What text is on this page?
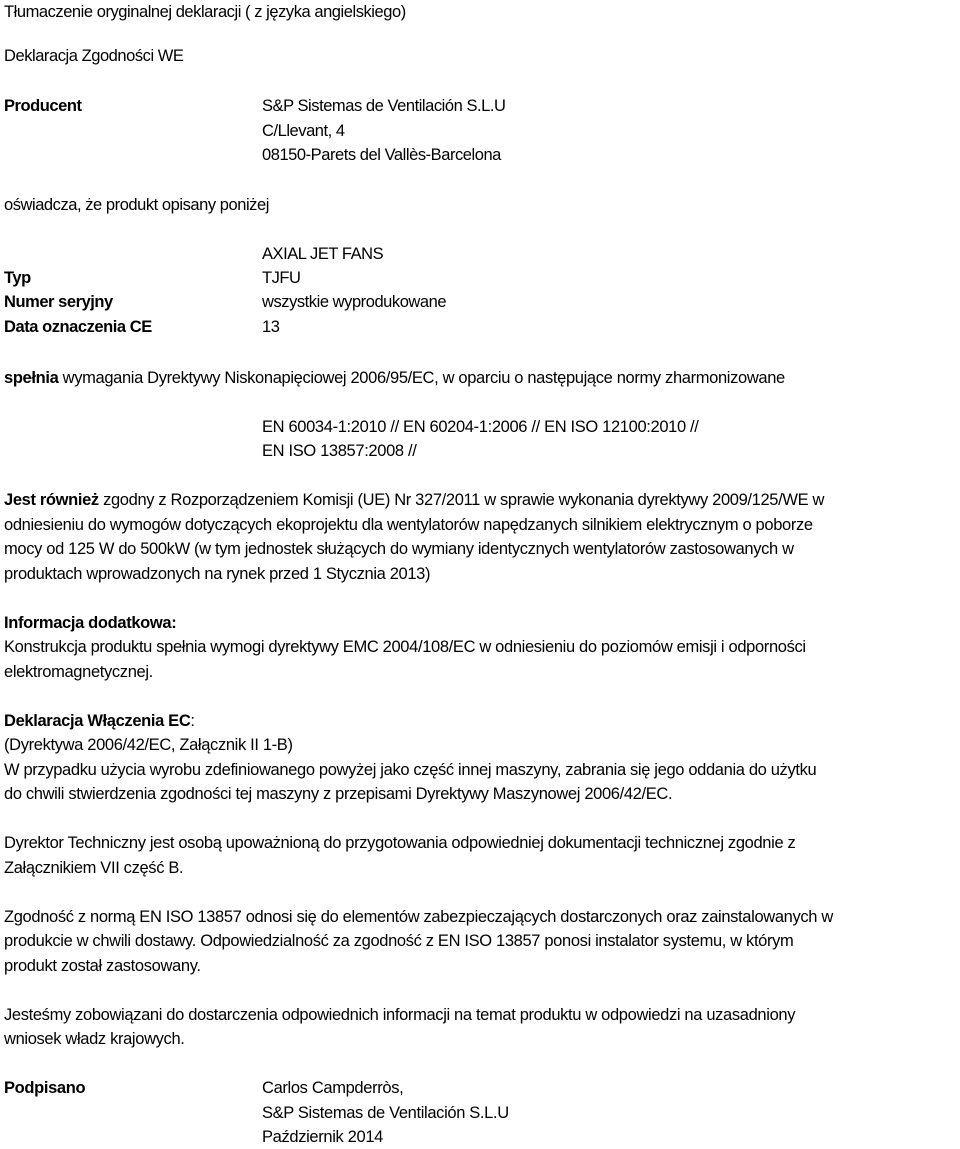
Tłumaczenie oryginalnej deklaracji ( z języka angielskiego)
Deklaracja Zgodności WE
Producent	S&P Sistemas de Ventilación S.L.U
C/Llevant, 4
08150-Parets del Vallès-Barcelona
oświadcza, że produkt opisany poniżej
AXIAL JET FANS
Typ	TJFU
Numer seryjny	wszystkie wyprodukowane
Data oznaczenia CE	13
spełnia wymagania Dyrektywy Niskonapięciowej 2006/95/EC, w oparciu o następujące normy zharmonizowane
EN 60034-1:2010 // EN 60204-1:2006 // EN ISO 12100:2010 //
EN ISO 13857:2008 //
Jest również zgodny z Rozporządzeniem Komisji (UE) Nr 327/2011 w sprawie wykonania dyrektywy 2009/125/WE w
odniesieniu do wymogów dotyczących ekoprojektu dla wentylatorów napędzanych silnikiem elektrycznym o poborze
mocy od 125 W do 500kW (w tym jednostek służących do wymiany identycznych wentylatorów zastosowanych w
produktach wprowadzonych na rynek przed 1 Stycznia 2013)
Informacja dodatkowa:
Konstrukcja produktu spełnia wymogi dyrektywy EMC 2004/108/EC w odniesieniu do poziomów emisji i odporności
elektromagnetycznej.
Deklaracja Włączenia EC:
(Dyrektywa 2006/42/EC, Załącznik II 1-B)
W przypadku użycia wyrobu zdefiniowanego powyżej jako część innej maszyny, zabrania się jego oddania do użytku
do chwili stwierdzenia zgodności tej maszyny z przepisami Dyrektywy Maszynowej 2006/42/EC.
Dyrektor Techniczny jest osobą upoważnioną do przygotowania odpowiedniej dokumentacji technicznej zgodnie z
Załącznikiem VII część B.
Zgodność z normą EN ISO 13857 odnosi się do elementów zabezpieczających dostarczonych oraz zainstalowanych w
produkcie w chwili dostawy. Odpowiedzialność za zgodność z EN ISO 13857 ponosi instalator systemu, w którym
produkt został zastosowany.
Jesteśmy zobowiązani do dostarczenia odpowiednich informacji na temat produktu w odpowiedzi na uzasadniony
wniosek władz krajowych.
Podpisano	Carlos Campderròs,
S&P Sistemas de Ventilación S.L.U
Październik 2014
